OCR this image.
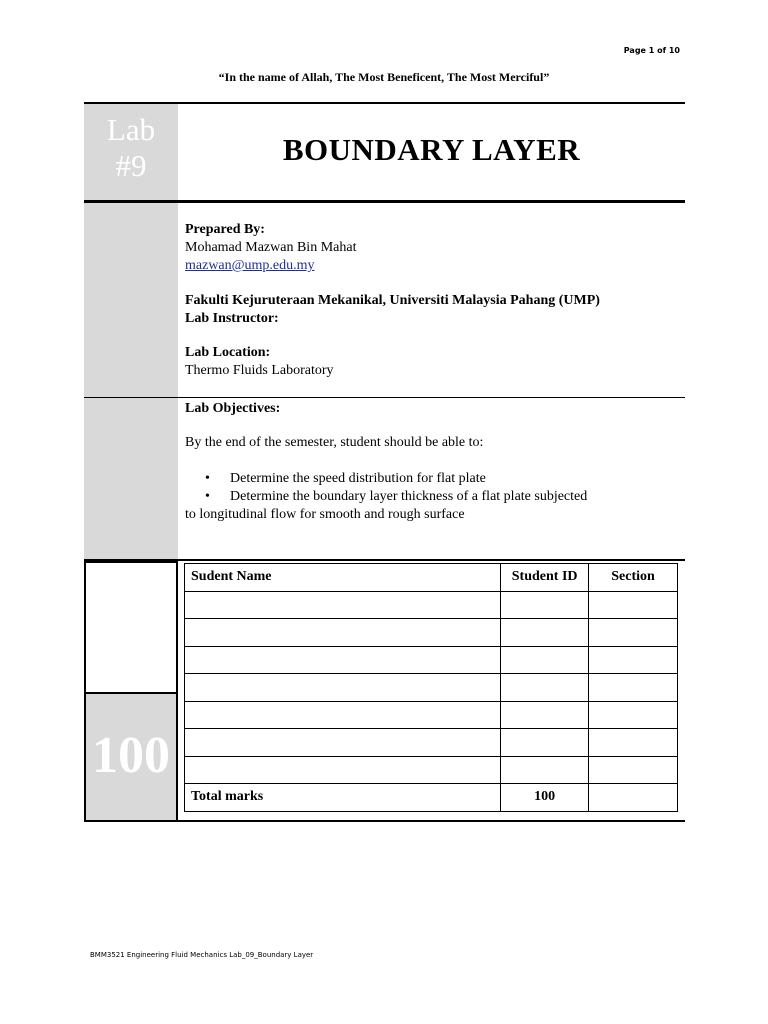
Page 1 of 10
“In the name of Allah, The Most Beneficent, The Most Merciful”
Lab
#9	BOUNDARY LAYER
Prepared By:
Mohamad Mazwan Bin Mahat
mazwan@ump.edu.my
Fakulti Kejuruteraan Mekanikal, Universiti Malaysia Pahang (UMP)
Lab Instructor:
Lab Location:
Thermo Fluids Laboratory
Lab Objectives:
By the end of the semester, student should be able to:
•	Determine the speed distribution for flat plate
•	Determine the boundary layer thickness of a flat plate subjected
to longitudinal flow for smooth and rough surface
100
Sudent Name	Student ID	Section

Total marks	100	
BMM3521 Engineering Fluid Mechanics Lab_09_Boundary Layer
